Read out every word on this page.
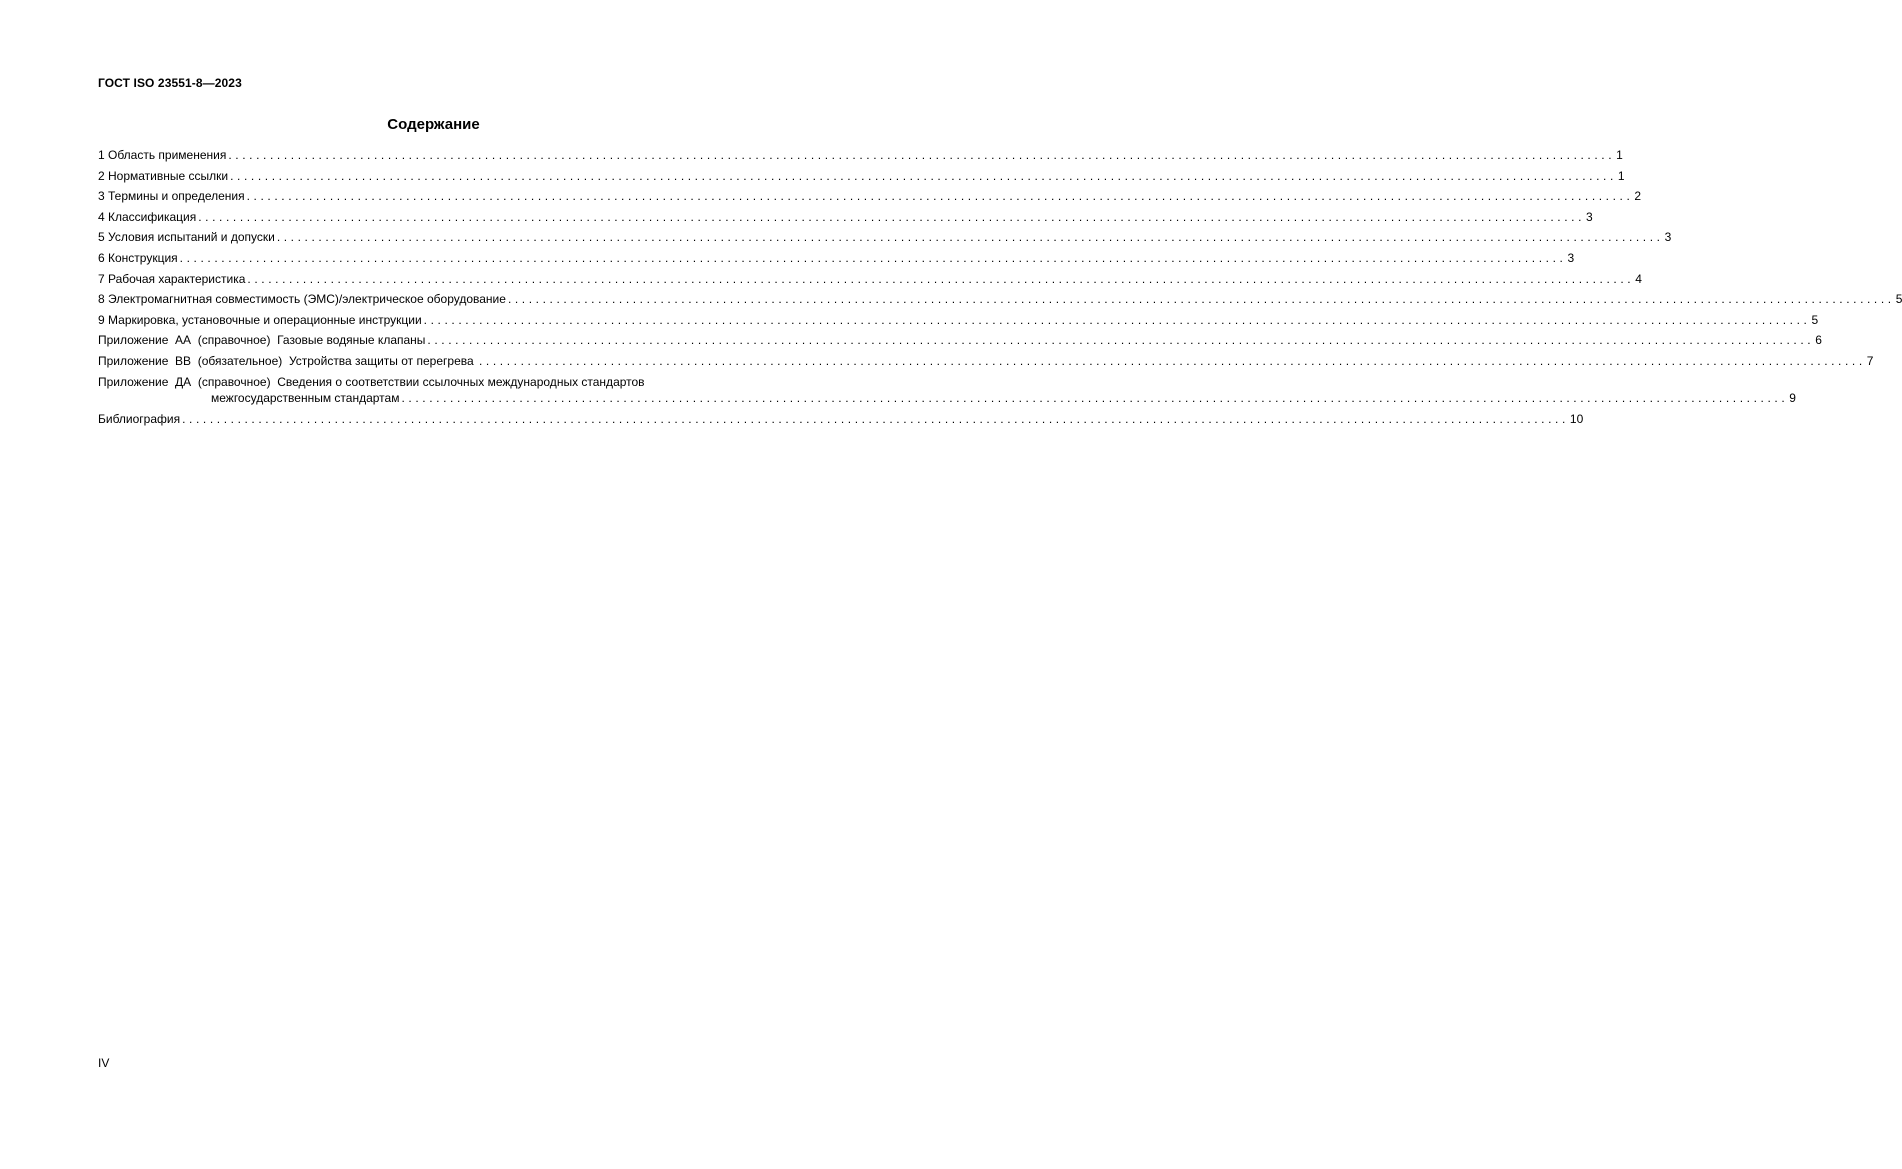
ГОСТ ISO 23551-8—2023
Содержание
1 Область применения ........................................................................................................................................................................................................ 1
2 Нормативные ссылки ........................................................................................................................................................................................................ 1
3 Термины и определения ........................................................................................................................................................................................................ 2
4 Классификация ........................................................................................................................................................................................................ 3
5 Условия испытаний и допуски ........................................................................................................................................................................................................ 3
6 Конструкция ........................................................................................................................................................................................................ 3
7 Рабочая характеристика ........................................................................................................................................................................................................ 4
8 Электромагнитная совместимость (ЭМС)/электрическое оборудование ........................................................................................................................................................................................................ 5
9 Маркировка, установочные и операционные инструкции ........................................................................................................................................................................................................ 5
Приложение  АА  (справочное)  Газовые водяные клапаны ........................................................................................................................................................................................................ 6
Приложение  ВВ  (обязательное)  Устройства защиты от перегрева ........................................................................................................................................................................................................ 7
Приложение  ДА  (справочное)  Сведения о соответствии ссылочных международных стандартов
межгосударственным стандартам ........................................................................................................................................................................................................ 9
Библиография ........................................................................................................................................................................................................ 10
IV
